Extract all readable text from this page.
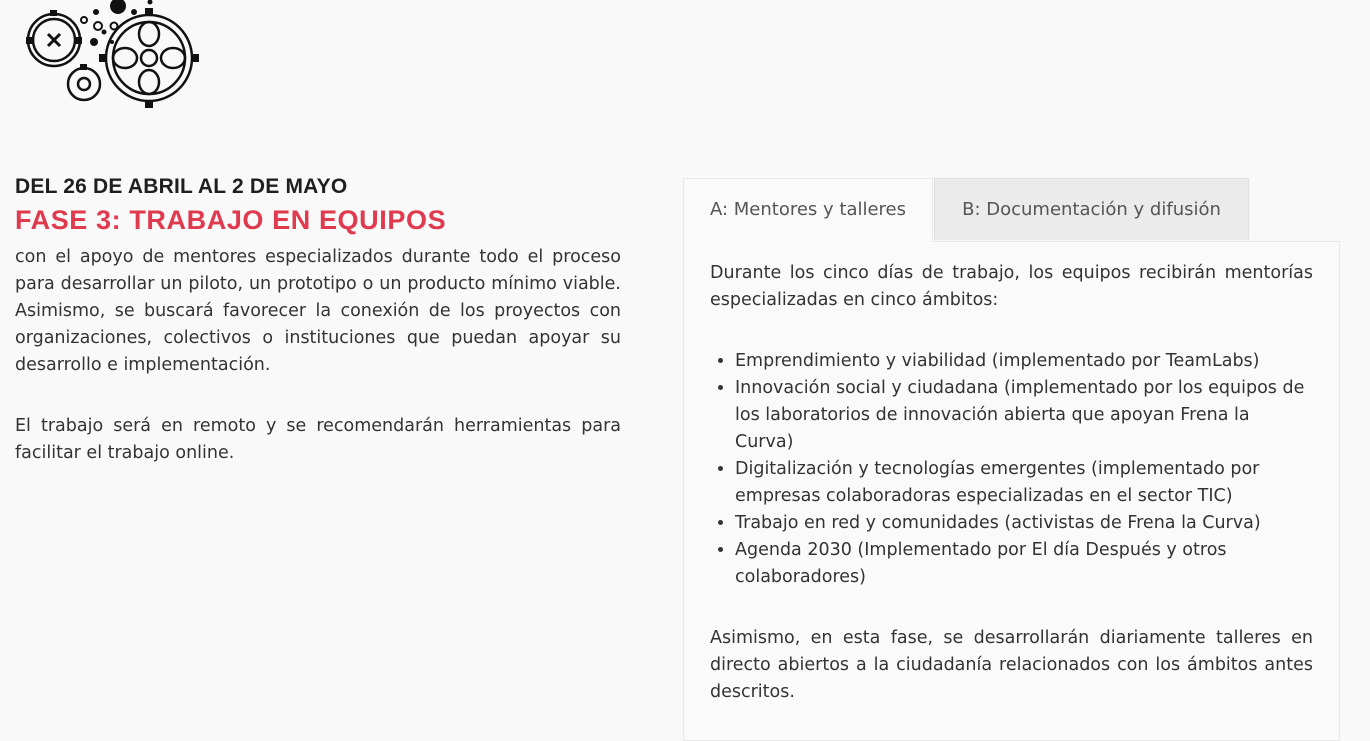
DEL 26 DE ABRIL AL 2 DE MAYO
FASE 3: TRABAJO EN EQUIPOS

con el apoyo de mentores especializados durante todo el proceso para desarrollar un piloto, un prototipo o un producto mínimo viable. Asimismo, se buscará favorecer la conexión de los proyectos con organizaciones, colectivos o instituciones que puedan apoyar su desarrollo e implementación.

El trabajo será en remoto y se recomendarán herramientas para facilitar el trabajo online.

A: Mentores y talleres	B: Documentación y difusión

Durante los cinco días de trabajo, los equipos recibirán mentorías especializadas en cinco ámbitos:

• Emprendimiento y viabilidad (implementado por TeamLabs)
• Innovación social y ciudadana (implementado por los equipos de los laboratorios de innovación abierta que apoyan Frena la Curva)
• Digitalización y tecnologías emergentes (implementado por empresas colaboradoras especializadas en el sector TIC)
• Trabajo en red y comunidades (activistas de Frena la Curva)
• Agenda 2030 (Implementado por El día Después y otros colaboradores)

Asimismo, en esta fase, se desarrollarán diariamente talleres en directo abiertos a la ciudadanía relacionados con los ámbitos antes descritos.
